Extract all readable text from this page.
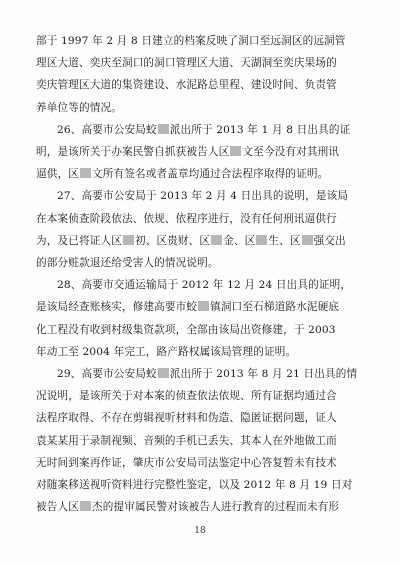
部于 1997 年 2 月 8 日建立的档案反映了洞口至远洞区的远洞管
理区大道、奕庆至洞口的洞口管理区大道、天湖洞至奕庆果场的
奕庆管理区大道的集资建设、水泥路总里程、建设时间、负责管
养单位等的情况。
26、高要市公安局蛟 派出所于 2013 年 1 月 8 日出具的证
明，是该所关于办案民警自抓获被告人区 文至今没有对其刑讯
逼供，区 文所有签名或者盖章均通过合法程序取得的证明。
27、高要市公安局于 2013 年 2 月 4 日出具的说明，是该局
在本案侦查阶段依法、依规、依程序进行，没有任何刑讯逼供行
为，及已将证人区 初、区贵财、区 金、区 生、区 强交出
的部分赃款退还给受害人的情况说明。
28、高要市交通运输局于 2012 年 12 月 24 日出具的证明，
是该局经查账核实，修建高要市蛟 镇洞口至石梯道路水泥硬底
化工程没有收到村级集资款项，全部由该局出资修建，于 2003
年动工至 2004 年完工，路产路权属该局管理的证明。
29、高要市公安局蛟 派出所于 2013 年 8 月 21 日出具的情
况说明，是该所关于对本案的侦查依法依规、所有证据均通过合
法程序取得、不存在剪辑视听材料和伪造、隐匿证据问题，证人
袁某某用于录制视频、音频的手机已丢失、其本人在外地做工而
无时间到案再作证，肇庆市公安局司法鉴定中心答复暂未有技术
对随案移送视听资料进行完整性鉴定，以及 2012 年 8 月 19 日对
被告人区 杰的提审属民警对该被告人进行教育的过程而未有形
18
